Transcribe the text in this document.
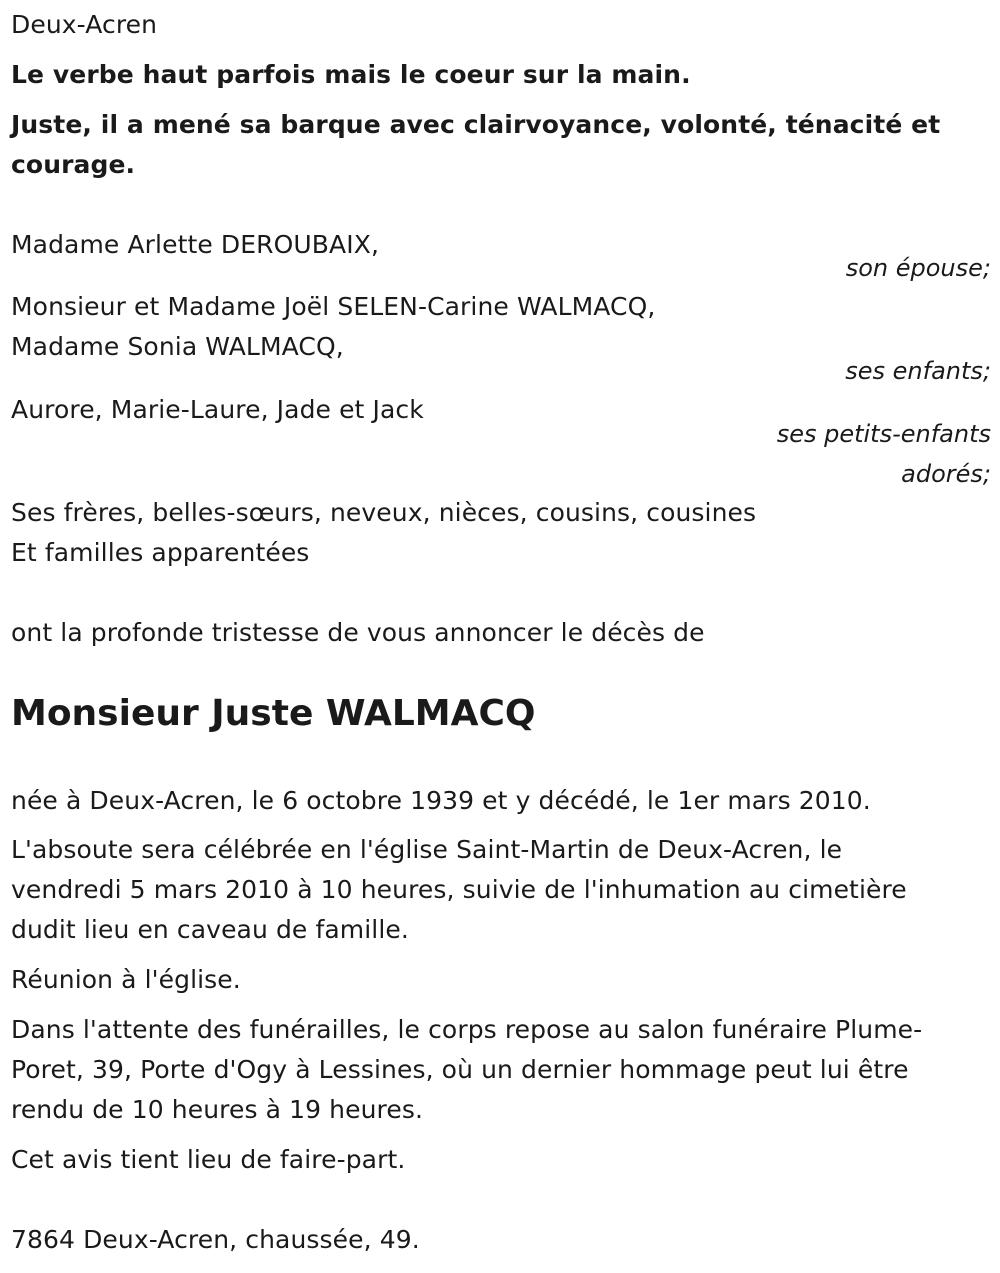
Deux-Acren
Le verbe haut parfois mais le coeur sur la main.
Juste, il a mené sa barque avec clairvoyance, volonté, ténacité et
courage.
Madame Arlette DEROUBAIX,
son épouse;
Monsieur et Madame Joël SELEN-Carine WALMACQ,
Madame Sonia WALMACQ,
ses enfants;
Aurore, Marie-Laure, Jade et Jack
ses petits-enfants
adorés;
Ses frères, belles-sœurs, neveux, nièces, cousins, cousines
Et familles apparentées
ont la profonde tristesse de vous annoncer le décès de
Monsieur Juste WALMACQ
née à Deux-Acren, le 6 octobre 1939 et y décédé, le 1er mars 2010.
L'absoute sera célébrée en l'église Saint-Martin de Deux-Acren, le
vendredi 5 mars 2010 à 10 heures, suivie de l'inhumation au cimetière
dudit lieu en caveau de famille.
Réunion à l'église.
Dans l'attente des funérailles, le corps repose au salon funéraire Plume-
Poret, 39, Porte d'Ogy à Lessines, où un dernier hommage peut lui être
rendu de 10 heures à 19 heures.
Cet avis tient lieu de faire-part.
7864 Deux-Acren, chaussée, 49.
